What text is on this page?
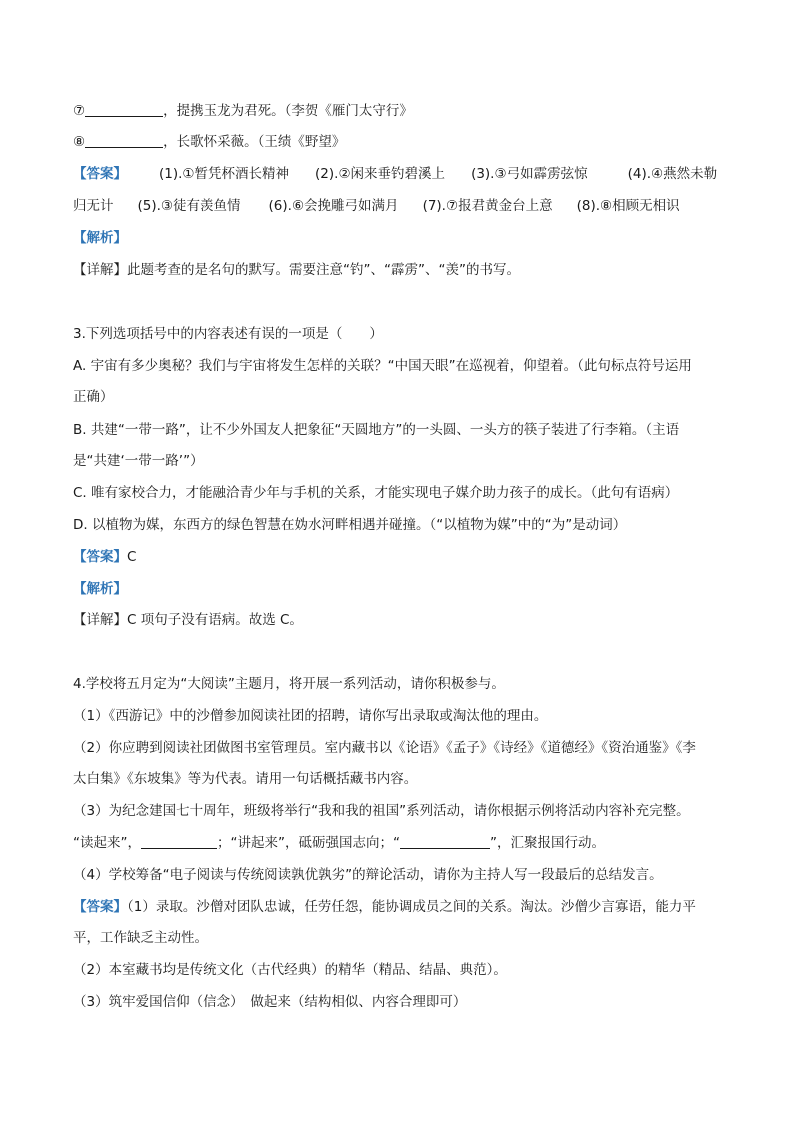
⑦	，提携玉龙为君死。（李贺《雁门太守行》
⑧	，长歌怀采薇。（王绩《野望》
【答案】 (1).①暂凭杯酒长精神 (2).②闲来垂钓碧溪上 (3).③弓如霹雳弦惊	(4).④燕然未勒
归无计 (5).③徒有羡鱼情 (6).⑥会挽雕弓如满月 (7).⑦报君黄金台上意 (8).⑧相顾无相识
【解析】
【详解】此题考查的是名句的默写。需要注意“钓”、“霹雳”、“羡”的书写。
3.下列选项括号中的内容表述有误的一项是（　　）
A. 宇宙有多少奥秘？我们与宇宙将发生怎样的关联？“中国天眼”在巡视着，仰望着。（此句标点符号运用
正确）
B. 共建“一带一路”，让不少外国友人把象征“天圆地方”的一头圆、一头方的筷子装进了行李箱。（主语
是“共建‘一带一路’”）
C. 唯有家校合力，才能融洽青少年与手机的关系，才能实现电子媒介助力孩子的成长。（此句有语病）
D. 以植物为媒，东西方的绿色智慧在妫水河畔相遇并碰撞。（“以植物为媒”中的“为”是动词）
【答案】C
【解析】
【详解】C 项句子没有语病。故选 C。
4.学校将五月定为“大阅读”主题月，将开展一系列活动，请你积极参与。
（1）《西游记》中的沙僧参加阅读社团的招聘，请你写出录取或淘汰他的理由。
（2）你应聘到阅读社团做图书室管理员。室内藏书以《论语》《孟子》《诗经》《道德经》《资治通鉴》《李
太白集》《东坡集》等为代表。请用一句话概括藏书内容。
（3）为纪念建国七十周年，班级将举行“我和我的祖国”系列活动，请你根据示例将活动内容补充完整。
“读起来”，	；“讲起来”，砥砺强国志向；“	”，汇聚报国行动。
（4）学校筹备“电子阅读与传统阅读孰优孰劣”的辩论活动，请你为主持人写一段最后的总结发言。
【答案】（1）录取。沙僧对团队忠诚，任劳任怨，能协调成员之间的关系。淘汰。沙僧少言寡语，能力平
平，工作缺乏主动性。
（2）本室藏书均是传统文化（古代经典）的精华（精品、结晶、典范）。
（3）筑牢爱国信仰（信念）　做起来（结构相似、内容合理即可）
